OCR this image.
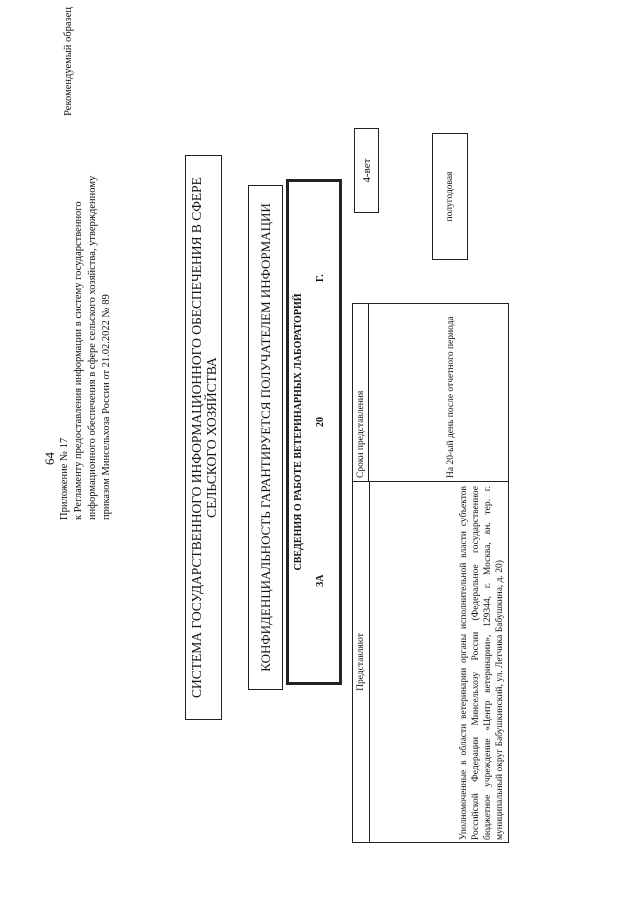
64 Приложение № 17 к Регламенту предоставления информации в систему государственного информационного обеспечения в сфере сельского хозяйства, утвержденному приказом Минсельхоза России от 21.02.2022 № 89
Рекомендуемый образец
СИСТЕМА ГОСУДАРСТВЕННОГО ИНФОРМАЦИОННОГО ОБЕСПЕЧЕНИЯ В СФЕРЕ СЕЛЬСКОГО ХОЗЯЙСТВА	КОНФИДЕНЦИАЛЬНОСТЬ ГАРАНТИРУЕТСЯ ПОЛУЧАТЕЛЕМ ИНФОРМАЦИИ СВЕДЕНИЯ О РАБОТЕ ВЕТЕРИНАРНЫХ ЛАБОРАТОРИЙ
ЗА
20
Г.
Представляют
Сроки представления
Уполномоченные в области ветеринарии органы исполнительной власти субъектов Российской Федерации Минсельхозу России (Федеральное государственное бюджетное учреждение «Центр ветеринарии», 129344, г. Москва, вн. тер. г. муниципальный округ Бабушкинский, ул. Летчика Бабушкина, д. 20)
На 20-ый день после отчетного периода
4-вет
полугодовая
